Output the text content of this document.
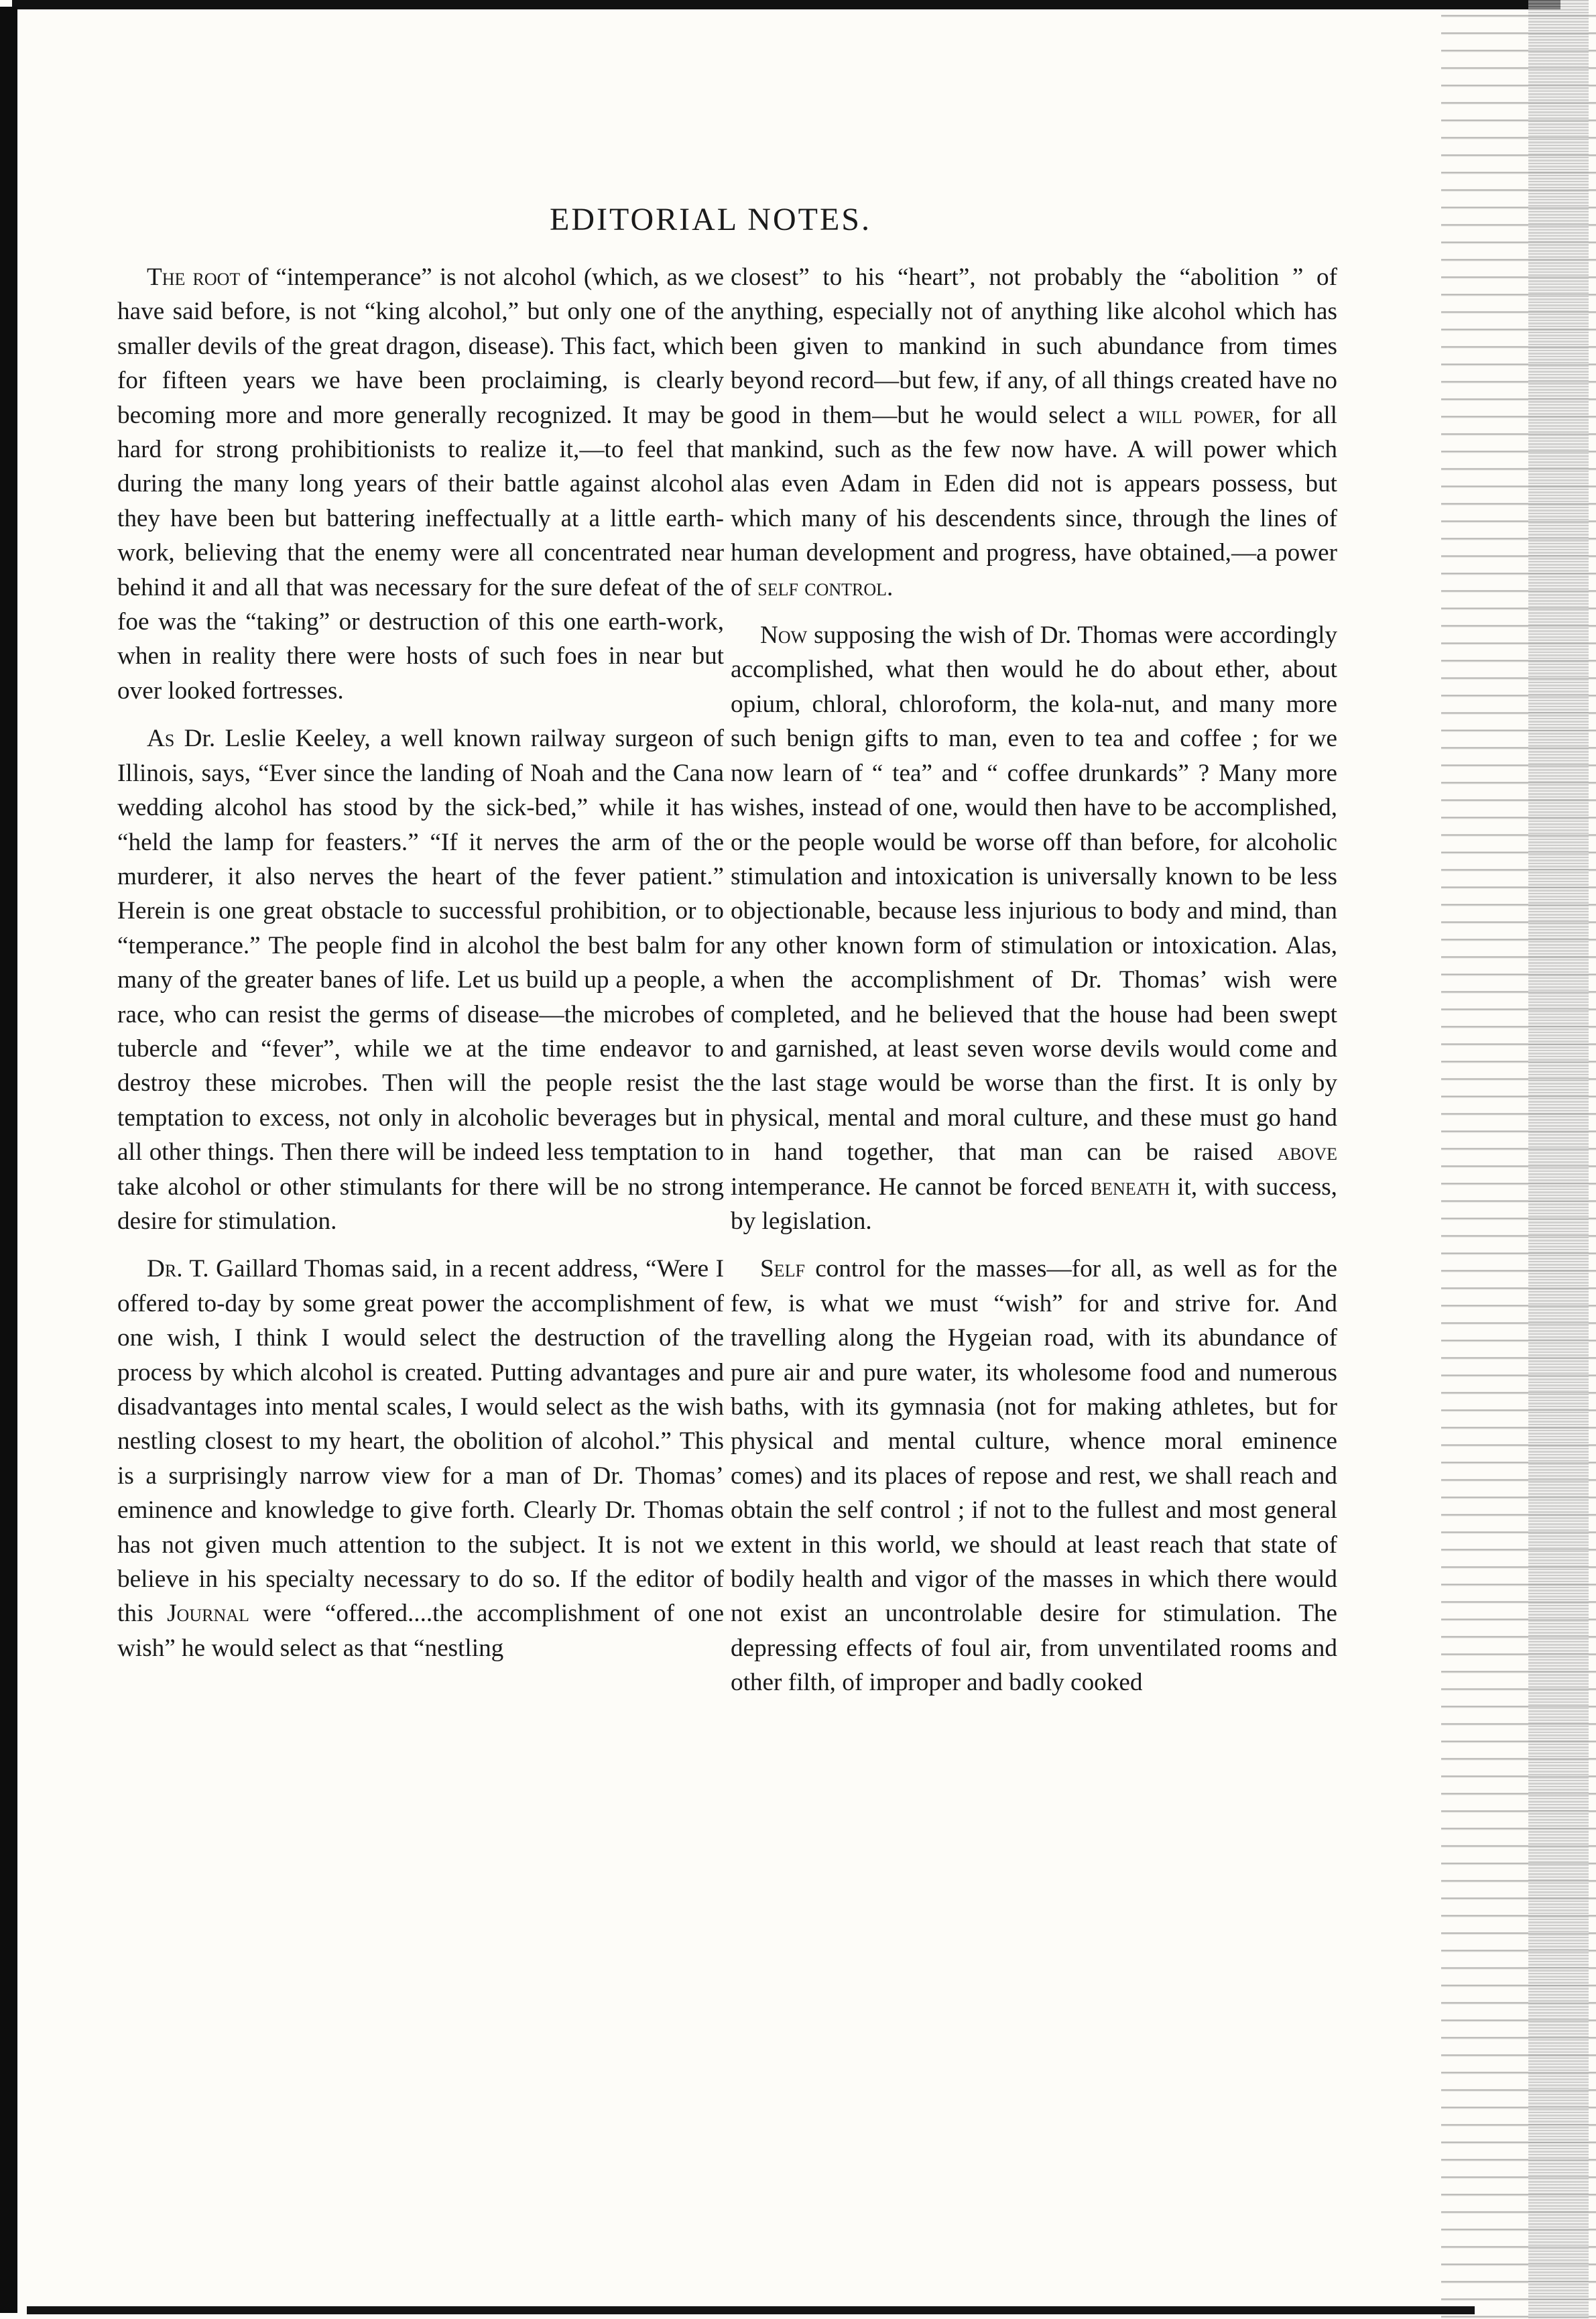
EDITORIAL NOTES.

The root of “intemperance” is not alcohol (which, as we have said before, is not “king alcohol,” but only one of the smaller devils of the great dragon, disease). This fact, which for fifteen years we have been proclaiming, is clearly becoming more and more generally recognized. It may be hard for strong prohibitionists to realize it,—to feel that during the many long years of their battle against alcohol they have been but battering ineffectually at a little earth-work, believing that the enemy were all concentrated near behind it and all that was necessary for the sure defeat of the foe was the “taking” or destruction of this one earth-work, when in reality there were hosts of such foes in near but over looked fortresses.

As Dr. Leslie Keeley, a well known railway surgeon of Illinois, says, “Ever since the landing of Noah and the Cana wedding alcohol has stood by the sick-bed,” while it has “held the lamp for feasters.” “If it nerves the arm of the murderer, it also nerves the heart of the fever patient.” Herein is one great obstacle to successful prohibition, or to “temperance.” The people find in alcohol the best balm for many of the greater banes of life. Let us build up a people, a race, who can resist the germs of disease—the microbes of tubercle and “fever”, while we at the time endeavor to destroy these microbes. Then will the people resist the temptation to excess, not only in alcoholic beverages but in all other things. Then there will be indeed less temptation to take alcohol or other stimulants for there will be no strong desire for stimulation.

Dr. T. Gaillard Thomas said, in a recent address, “Were I offered to-day by some great power the accomplishment of one wish, I think I would select the destruction of the process by which alcohol is created. Putting advantages and disadvantages into mental scales, I would select as the wish nestling closest to my heart, the obolition of alcohol.” This is a surprisingly narrow view for a man of Dr. Thomas’ eminence and knowledge to give forth. Clearly Dr. Thomas has not given much attention to the subject. It is not we believe in his specialty necessary to do so. If the editor of this Journal were “offered....the accomplishment of one wish” he would select as that “nestling

closest” to his “heart”, not probably the “abolition ” of anything, especially not of anything like alcohol which has been given to mankind in such abundance from times beyond record—but few, if any, of all things created have no good in them—but he would select a will power, for all mankind, such as the few now have. A will power which alas even Adam in Eden did not is appears possess, but which many of his descendents since, through the lines of human development and progress, have obtained,—a power of self control.

Now supposing the wish of Dr. Thomas were accordingly accomplished, what then would he do about ether, about opium, chloral, chloroform, the kola-nut, and many more such benign gifts to man, even to tea and coffee ; for we now learn of “ tea” and “ coffee drunkards” ? Many more wishes, instead of one, would then have to be accomplished, or the people would be worse off than before, for alcoholic stimulation and intoxication is universally known to be less objectionable, because less injurious to body and mind, than any other known form of stimulation or intoxication. Alas, when the accomplishment of Dr. Thomas’ wish were completed, and he believed that the house had been swept and garnished, at least seven worse devils would come and the last stage would be worse than the first. It is only by physical, mental and moral culture, and these must go hand in hand together, that man can be raised above intemperance. He cannot be forced beneath it, with success, by legislation.

Self control for the masses—for all, as well as for the few, is what we must “wish” for and strive for. And travelling along the Hygeian road, with its abundance of pure air and pure water, its wholesome food and numerous baths, with its gymnasia (not for making athletes, but for physical and mental culture, whence moral eminence comes) and its places of repose and rest, we shall reach and obtain the self control ; if not to the fullest and most general extent in this world, we should at least reach that state of bodily health and vigor of the masses in which there would not exist an uncontrolable desire for stimulation. The depressing effects of foul air, from unventilated rooms and other filth, of improper and badly cooked
